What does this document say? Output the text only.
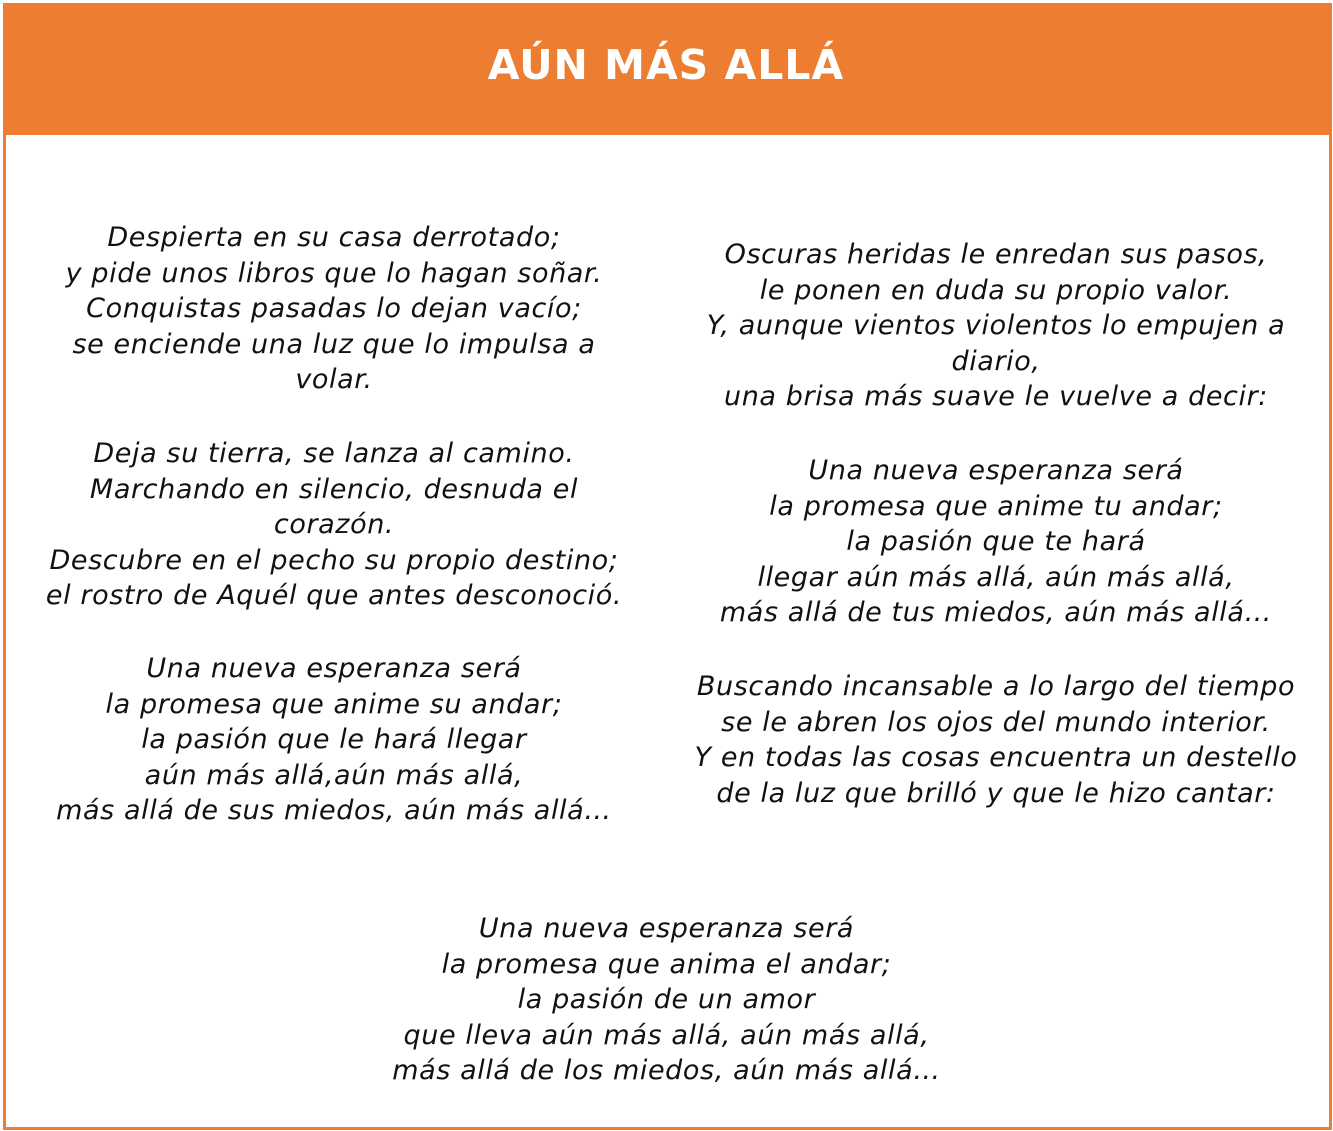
AÚN MÁS ALLÁ
Despierta en su casa derrotado;
y pide unos libros que lo hagan soñar.
Conquistas pasadas lo dejan vacío;
se enciende una luz que lo impulsa a
volar.
Deja su tierra, se lanza al camino.
Marchando en silencio, desnuda el
corazón.
Descubre en el pecho su propio destino;
el rostro de Aquél que antes desconoció.
Una nueva esperanza será
la promesa que anime su andar;
la pasión que le hará llegar
aún más allá,aún más allá,
más allá de sus miedos, aún más allá…
Oscuras heridas le enredan sus pasos,
le ponen en duda su propio valor.
Y, aunque vientos violentos lo empujen a
diario,
una brisa más suave le vuelve a decir:
Una nueva esperanza será
la promesa que anime tu andar;
la pasión que te hará
llegar aún más allá, aún más allá,
más allá de tus miedos, aún más allá…
Buscando incansable a lo largo del tiempo
se le abren los ojos del mundo interior.
Y en todas las cosas encuentra un destello
de la luz que brilló y que le hizo cantar:
Una nueva esperanza será
la promesa que anima el andar;
la pasión de un amor
que lleva aún más allá, aún más allá,
más allá de los miedos, aún más allá…
